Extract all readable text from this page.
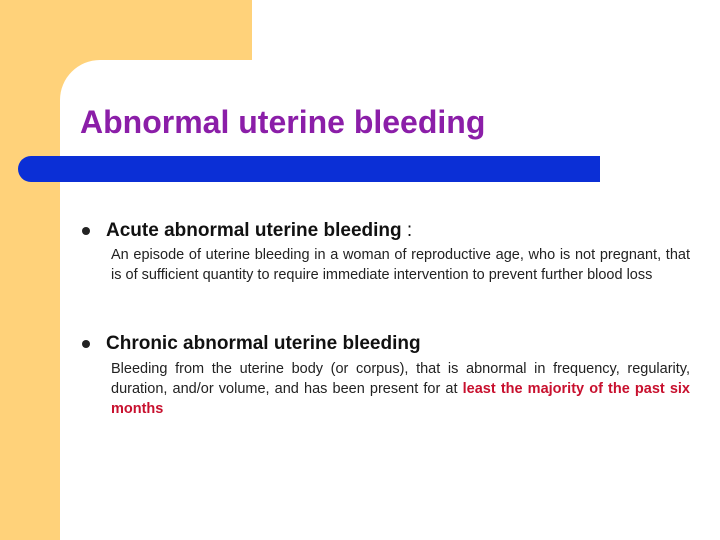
Abnormal uterine bleeding
Acute abnormal uterine bleeding :

An episode of uterine bleeding in a woman of reproductive age, who is not pregnant, that is of sufficient quantity to require immediate intervention to prevent further blood loss

Chronic abnormal uterine bleeding

Bleeding from the uterine body (or corpus), that is abnormal in frequency, regularity, duration, and/or volume, and has been present for at least the majority of the past six months
